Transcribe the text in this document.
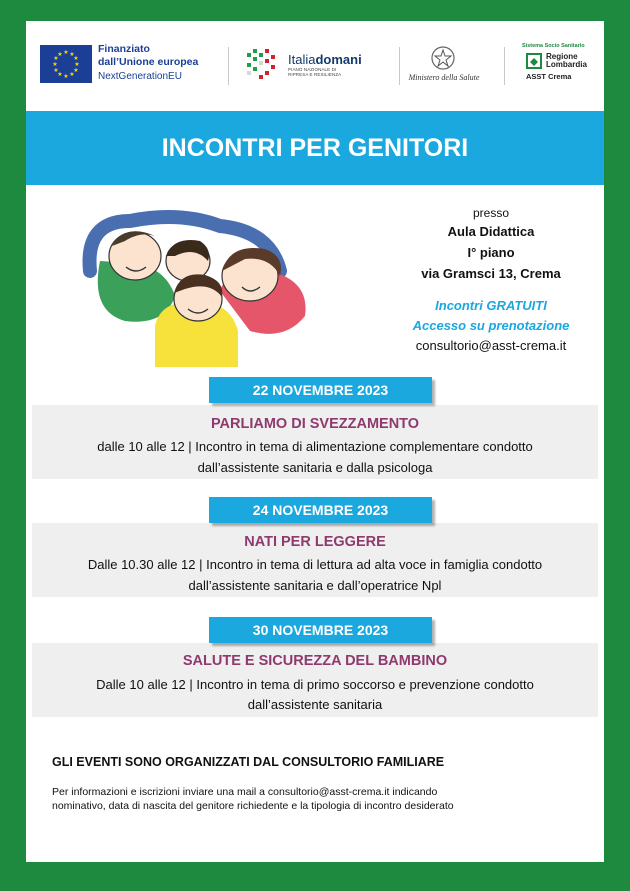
★ ★
★
★
★
★
★
★
★
★
★
★	Finanziato
dall’Unione europea
NextGenerationEU
Italiadomani
PIANO NAZIONALE DI RIPRESA E RESILIENZA	Ministero della Salute
Sistema Socio Sanitario
Regione
Lombardia
ASST Crema
INCONTRI PER GENITORI
presso
Aula Didattica
I° piano
via Gramsci 13, Crema
Incontri GRATUITI
Accesso su prenotazione
consultorio@asst-crema.it
22 NOVEMBRE 2023
PARLIAMO DI SVEZZAMENTO
dalle 10 alle 12 | Incontro in tema di alimentazione complementare condotto
dall’assistente sanitaria e dalla psicologa
24 NOVEMBRE 2023
NATI PER LEGGERE
Dalle 10.30 alle 12 | Incontro in tema di lettura ad alta voce in famiglia condotto
dall’assistente sanitaria e dall’operatrice Npl
30 NOVEMBRE 2023
SALUTE E SICUREZZA DEL BAMBINO
Dalle 10 alle 12 | Incontro in tema di primo soccorso e prevenzione condotto
dall’assistente sanitaria
GLI EVENTI SONO ORGANIZZATI DAL CONSULTORIO FAMILIARE
Per informazioni e iscrizioni inviare una mail a consultorio@asst-crema.it indicando
nominativo, data di nascita del genitore richiedente e la tipologia di incontro desiderato
